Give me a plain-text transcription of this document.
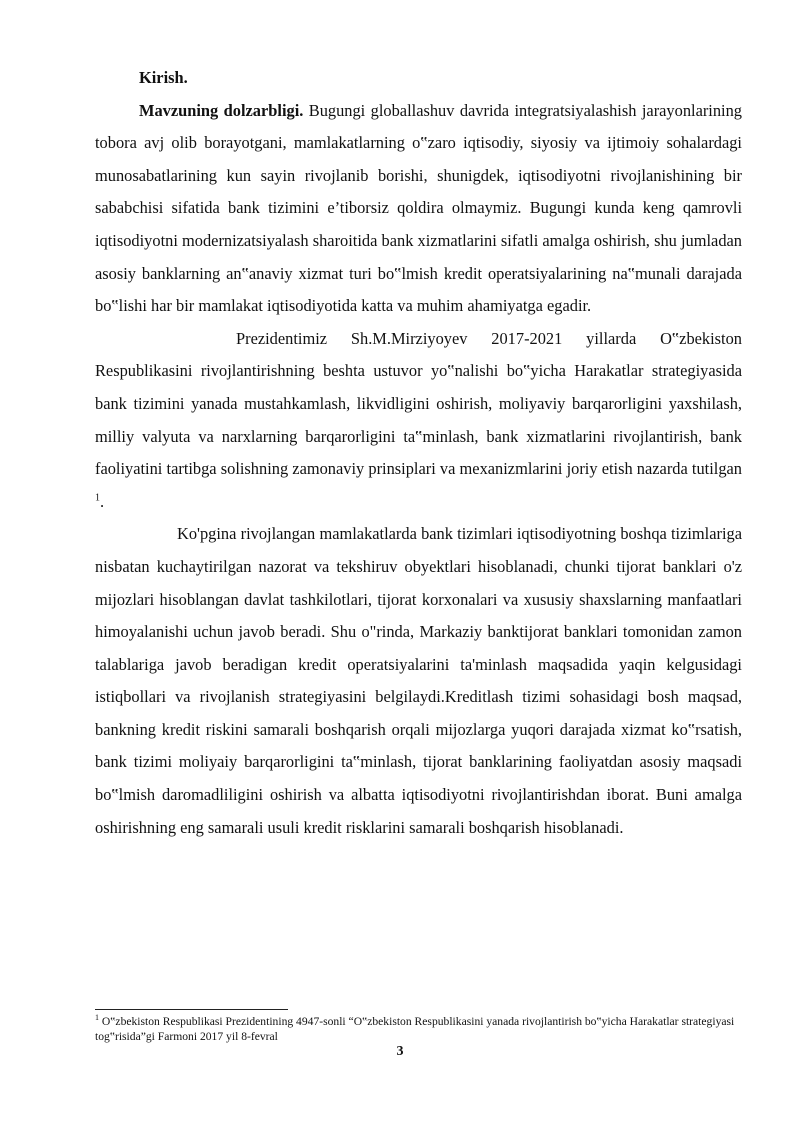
Kirish.

Mavzuning dolzarbligi. Bugungi globallashuv davrida integratsiyalashish jarayonlarining tobora avj olib borayotgani, mamlakatlarning o‟zaro iqtisodiy, siyosiy va ijtimoiy sohalardagi munosabatlarining kun sayin rivojlanib borishi, shunigdek, iqtisodiyotni rivojlanishining bir sababchisi sifatida bank tizimini e’tiborsiz qoldira olmaymiz. Bugungi kunda keng qamrovli iqtisodiyotni modernizatsiyalash sharoitida bank xizmatlarini sifatli amalga oshirish, shu jumladan asosiy banklarning an‟anaviy xizmat turi bo‟lmish kredit operatsiyalarining na‟munali darajada bo‟lishi har bir mamlakat iqtisodiyotida katta va muhim ahamiyatga egadir.

Prezidentimiz Sh.M.Mirziyoyev 2017-2021 yillarda O‟zbekiston Respublikasini rivojlantirishning beshta ustuvor yo‟nalishi bo‟yicha Harakatlar strategiyasida bank tizimini yanada mustahkamlash, likvidligini oshirish, moliyaviy barqarorligini yaxshilash, milliy valyuta va narxlarning barqarorligini ta‟minlash, bank xizmatlarini rivojlantirish, bank faoliyatini tartibga solishning zamonaviy prinsiplari va mexanizmlarini joriy etish nazarda tutilgan $^1$.

Ko'pgina rivojlangan mamlakatlarda bank tizimlari iqtisodiyotning boshqa tizimlariga nisbatan kuchaytirilgan nazorat va tekshiruv obyektlari hisoblanadi, chunki tijorat banklari o'z mijozlari hisoblangan davlat tashkilotlari, tijorat korxonalari va xususiy shaxslarning manfaatlari himoyalanishi uchun javob beradi. Shu o"rinda, Markaziy banktijorat banklari tomonidan zamon talablariga javob beradigan kredit operatsiyalarini ta'minlash maqsadida yaqin kelgusidagi istiqbollari va rivojlanish strategiyasini belgilaydi.Kreditlash tizimi sohasidagi bosh maqsad, bankning kredit riskini samarali boshqarish orqali mijozlarga yuqori darajada xizmat ko‟rsatish, bank tizimi moliyaiy barqarorligini ta‟minlash, tijorat banklarining faoliyatdan asosiy maqsadi bo‟lmish daromadliligini oshirish va albatta iqtisodiyotni rivojlantirishdan iborat. Buni amalga oshirishning eng samarali usuli kredit risklarini samarali boshqarish hisoblanadi.

$^1$ O‟zbekiston Respublikasi Prezidentining 4947-sonli “O‟zbekiston Respublikasini yanada rivojlantirish bo‟yicha Harakatlar strategiyasi tog‟risida”gi Farmoni 2017 yil 8-fevral
3
